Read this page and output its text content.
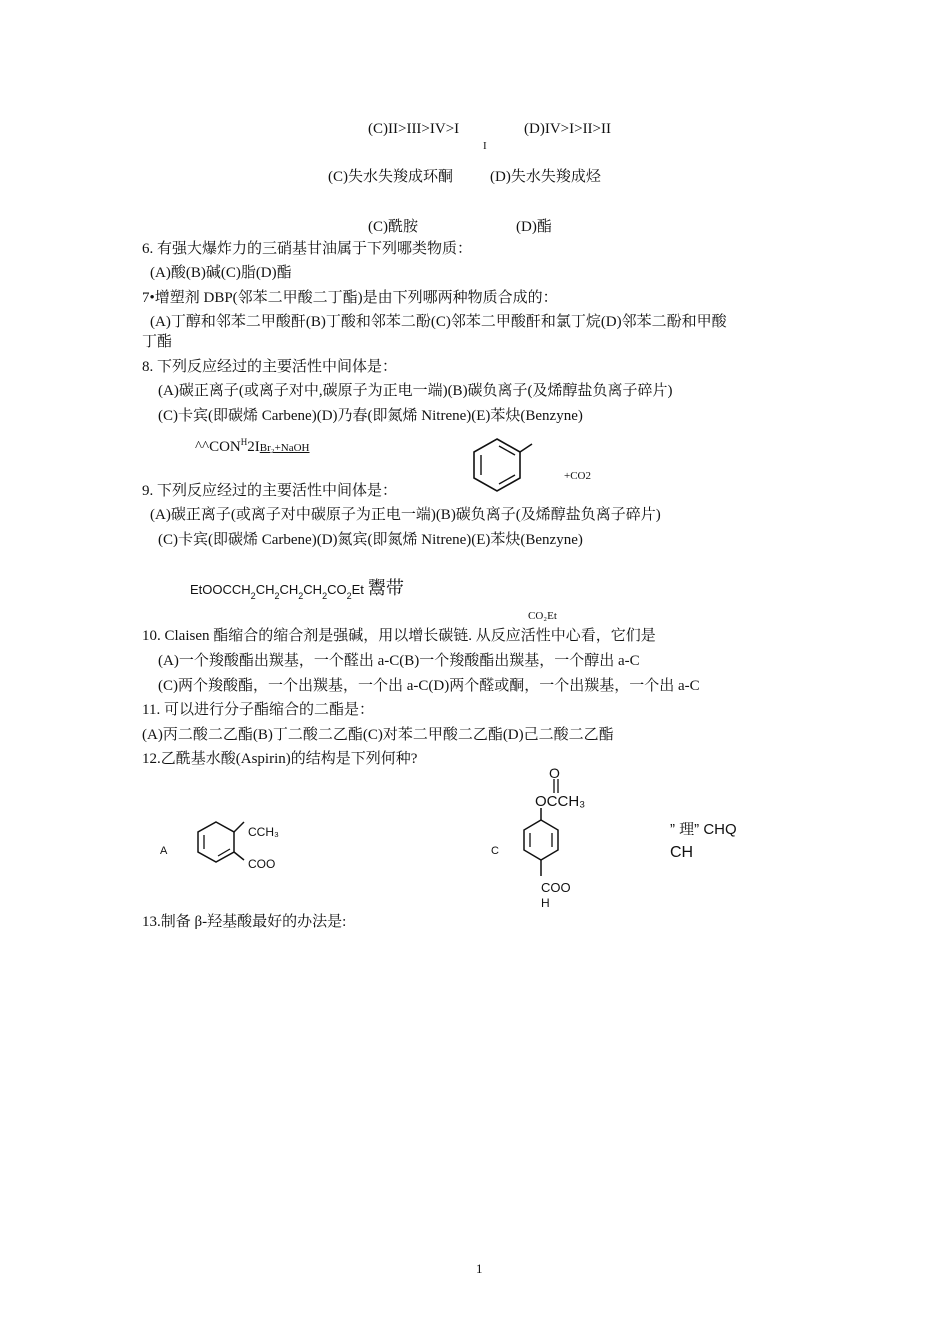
(C)II>III>IV>I	(D)IV>I>II>II
I
(C)失水失羧成环酮 (D)失水失羧成烃
(C)酰胺	(D)酯
6. 有强大爆炸力的三硝基甘油属于下列哪类物质：
(A)酸(B)碱(C)脂(D)酯
7•增塑剂 DBP(邻苯二甲酸二丁酯)是由下列哪两种物质合成的：
(A)丁醇和邻苯二甲酸酐(B)丁酸和邻苯二酚(C)邻苯二甲酸酐和氯丁烷(D)邻苯二酚和甲酸
丁酯
8. 下列反应经过的主要活性中间体是：
(A)碳正离子(或离子对中,碳原子为正电一端)(B)碳负离子(及烯醇盐负离子碎片)
(C)卡宾(即碳烯 Carbene)(D)乃春(即氮烯 Nitrene)(E)苯炔(Benzyne)
$\^{}\^{}CON^H2IBr_2+NaOH$
+CO2
9. 下列反应经过的主要活性中间体是：
(A)碳正离子(或离子对中碳原子为正电一端)(B)碳负离子(及烯醇盐负离子碎片)
(C)卡宾(即碳烯 Carbene)(D)氮宾(即氮烯 Nitrene)(E)苯炔(Benzyne)
$EtOOCCH_2CH_2CH_2CH_2CO_2Et$ 鬻带
CO₂Et
10. Claisen 酯缩合的缩合剂是强碱，用以增长碳链. 从反应活性中心看，它们是
(A)一个羧酸酯出羰基，一个醛出 a-C(B)一个羧酸酯出羰基，一个醇出 a-C
(C)两个羧酸酯，一个出羰基，一个出 a-C(D)两个醛或酮，一个出羰基，一个出 a-C
11. 可以进行分子酯缩合的二酯是：
(A)丙二酸二乙酯(B)丁二酸二乙酯(C)对苯二甲酸二乙酯(D)己二酸二乙酯
12.乙酰基水酸(Aspirin)的结构是下列何种?
A
CCH₃
COO
C
O
OCCH₃
COO
H
” 理” CHQ
CH
13.制备 β-羟基酸最好的办法是:
1
